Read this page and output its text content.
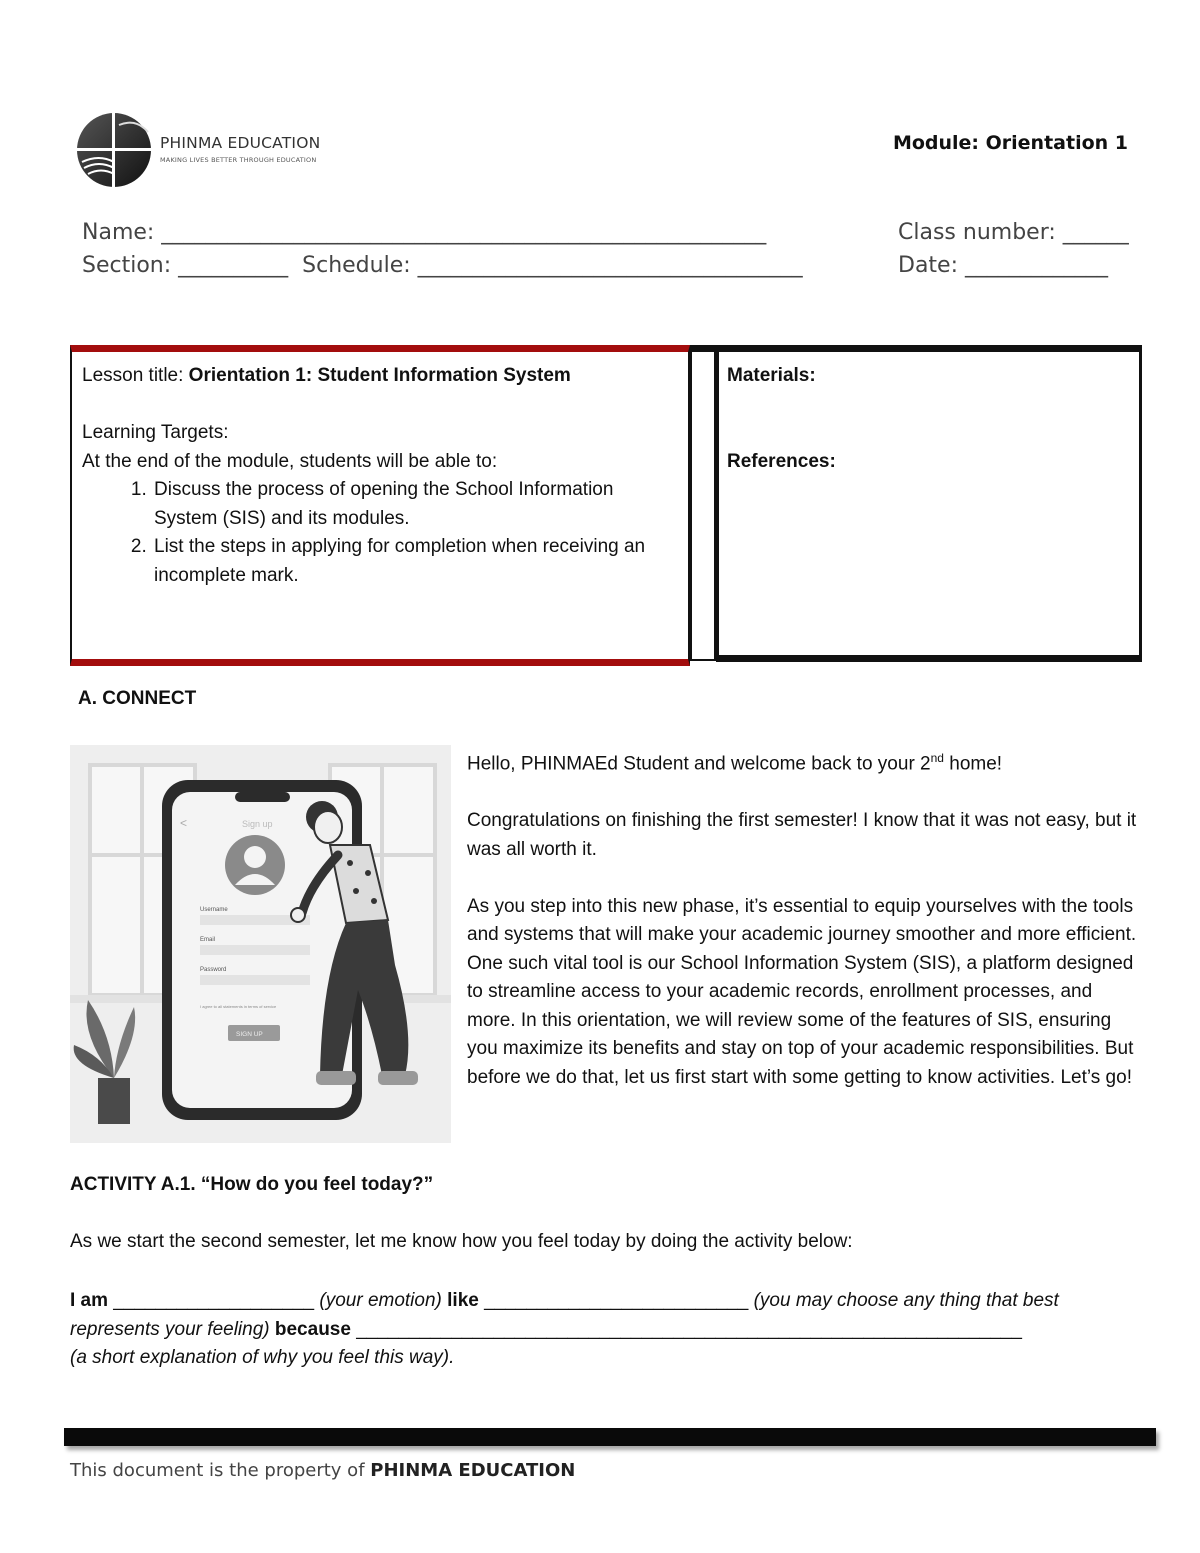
PHINMA EDUCATION
MAKING LIVES BETTER THROUGH EDUCATION
Module: Orientation 1
Name: _______________________________________________________	Class number: ______
Section: __________  Schedule: ___________________________________	Date: _____________
Lesson title: Orientation 1: Student Information System
Learning Targets:
At the end of the module, students will be able to:
1. Discuss the process of opening the School Information System (SIS) and its modules.
2. List the steps in applying for completion when receiving an incomplete mark.
Materials:
References:
A. CONNECT
<	Sign up
Username
Email
Password
I agree to all statements in terms of service
SIGN UP

Hello, PHINMAEd Student and welcome back to your 2nd home!

Congratulations on finishing the first semester! I know that it was not easy, but it was all worth it.

As you step into this new phase, it’s essential to equip yourselves with the tools and systems that will make your academic journey smoother and more efficient. One such vital tool is our School Information System (SIS), a platform designed to streamline access to your academic records, enrollment processes, and more. In this orientation, we will review some of the features of SIS, ensuring you maximize its benefits and stay on top of your academic responsibilities. But before we do that, let us first start with some getting to know activities. Let’s go!

ACTIVITY A.1. “How do you feel today?”
As we start the second semester, let me know how you feel today by doing the activity below:
I am ___________________ (your emotion) like _________________________ (you may choose any thing that best represents your feeling) because _______________________________________________________________
(a short explanation of why you feel this way).
This document is the property of PHINMA EDUCATION
